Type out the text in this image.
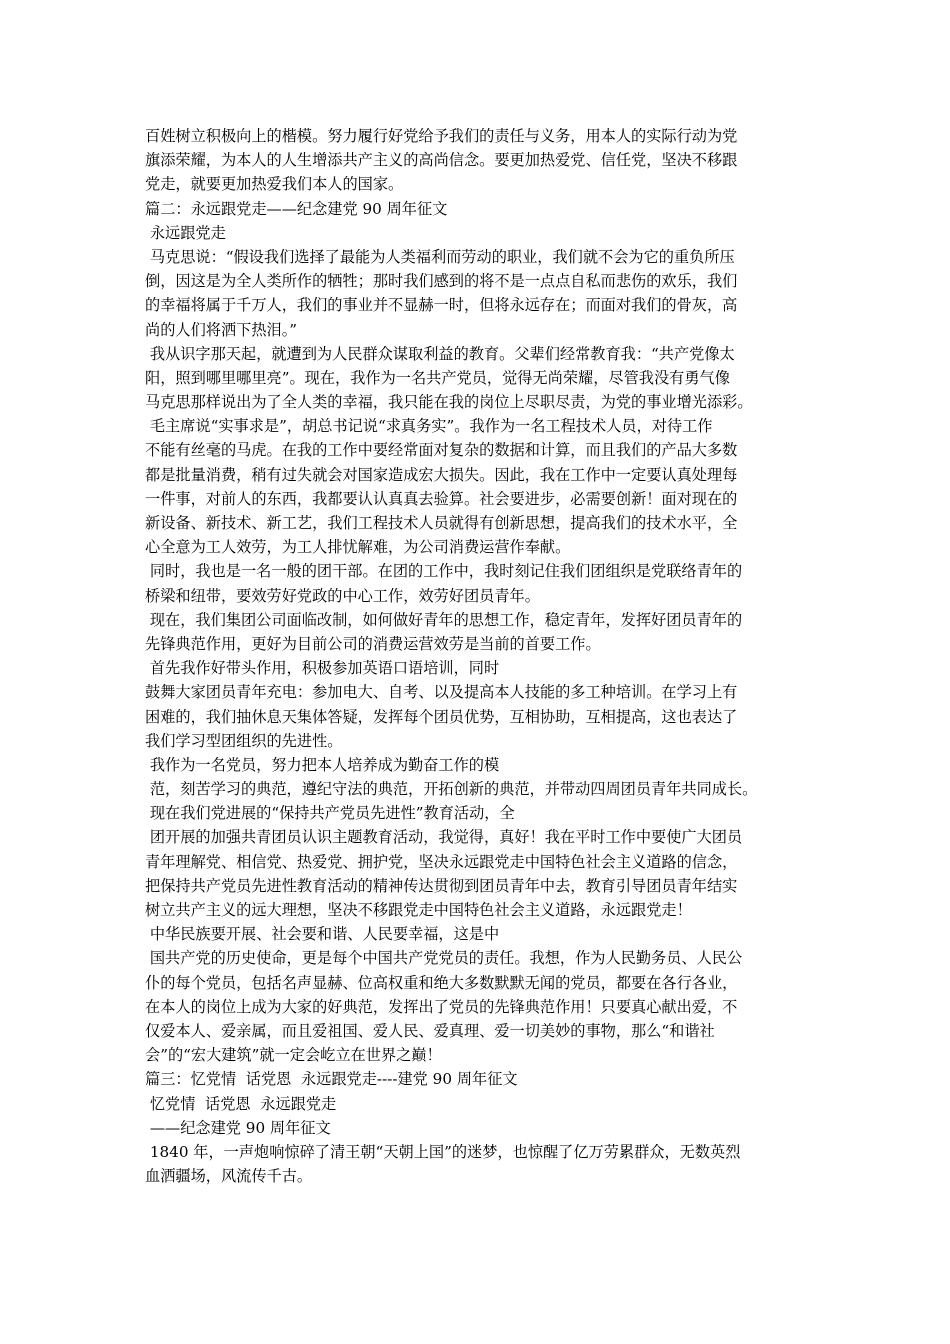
百姓树立积极向上的楷模。努力履行好党给予我们的责任与义务，用本人的实际行动为党
旗添荣耀，为本人的人生增添共产主义的高尚信念。要更加热爱党、信任党，坚决不移跟
党走，就要更加热爱我们本人的国家。
篇二：永远跟党走——纪念建党 90 周年征文
永远跟党走
马克思说：“假设我们选择了最能为人类福利而劳动的职业，我们就不会为它的重负所压
倒，因这是为全人类所作的牺牲；那时我们感到的将不是一点点自私而悲伤的欢乐，我们
的幸福将属于千万人，我们的事业并不显赫一时，但将永远存在；而面对我们的骨灰，高
尚的人们将洒下热泪。”
我从识字那天起，就遭到为人民群众谋取利益的教育。父辈们经常教育我：“共产党像太
阳，照到哪里哪里亮”。现在，我作为一名共产党员，觉得无尚荣耀，尽管我没有勇气像
马克思那样说出为了全人类的幸福，我只能在我的岗位上尽职尽责，为党的事业增光添彩。
毛主席说“实事求是”，胡总书记说“求真务实”。我作为一名工程技术人员，对待工作
不能有丝毫的马虎。在我的工作中要经常面对复杂的数据和计算，而且我们的产品大多数
都是批量消费，稍有过失就会对国家造成宏大损失。因此，我在工作中一定要认真处理每
一件事，对前人的东西，我都要认认真真去验算。社会要进步，必需要创新！面对现在的
新设备、新技术、新工艺，我们工程技术人员就得有创新思想，提高我们的技术水平，全
心全意为工人效劳，为工人排忧解难，为公司消费运营作奉献。
同时，我也是一名一般的团干部。在团的工作中，我时刻记住我们团组织是党联络青年的
桥梁和纽带，要效劳好党政的中心工作，效劳好团员青年。
现在，我们集团公司面临改制，如何做好青年的思想工作，稳定青年，发挥好团员青年的
先锋典范作用，更好为目前公司的消费运营效劳是当前的首要工作。
首先我作好带头作用，积极参加英语口语培训，同时
鼓舞大家团员青年充电：参加电大、自考、以及提高本人技能的多工种培训。在学习上有
困难的，我们抽休息天集体答疑，发挥每个团员优势，互相协助，互相提高，这也表达了
我们学习型团组织的先进性。
我作为一名党员，努力把本人培养成为勤奋工作的模
范，刻苦学习的典范，遵纪守法的典范，开拓创新的典范，并带动四周团员青年共同成长。
现在我们党进展的“保持共产党员先进性”教育活动，全
团开展的加强共青团员认识主题教育活动，我觉得，真好！我在平时工作中要使广大团员
青年理解党、相信党、热爱党、拥护党，坚决永远跟党走中国特色社会主义道路的信念，
把保持共产党员先进性教育活动的精神传达贯彻到团员青年中去，教育引导团员青年结实
树立共产主义的远大理想，坚决不移跟党走中国特色社会主义道路，永远跟党走！
中华民族要开展、社会要和谐、人民要幸福，这是中
国共产党的历史使命，更是每个中国共产党党员的责任。我想，作为人民勤务员、人民公
仆的每个党员，包括名声显赫、位高权重和绝大多数默默无闻的党员，都要在各行各业，
在本人的岗位上成为大家的好典范，发挥出了党员的先锋典范作用！只要真心献出爱，不
仅爱本人、爱亲属，而且爱祖国、爱人民、爱真理、爱一切美妙的事物，那么“和谐社
会”的“宏大建筑”就一定会屹立在世界之巅！
篇三：忆党情  话党恩  永远跟党走----建党 90 周年征文
忆党情  话党恩  永远跟党走
——纪念建党 90 周年征文
1840 年，一声炮响惊碎了清王朝“天朝上国”的迷梦，也惊醒了亿万劳累群众，无数英烈
血洒疆场，风流传千古。
